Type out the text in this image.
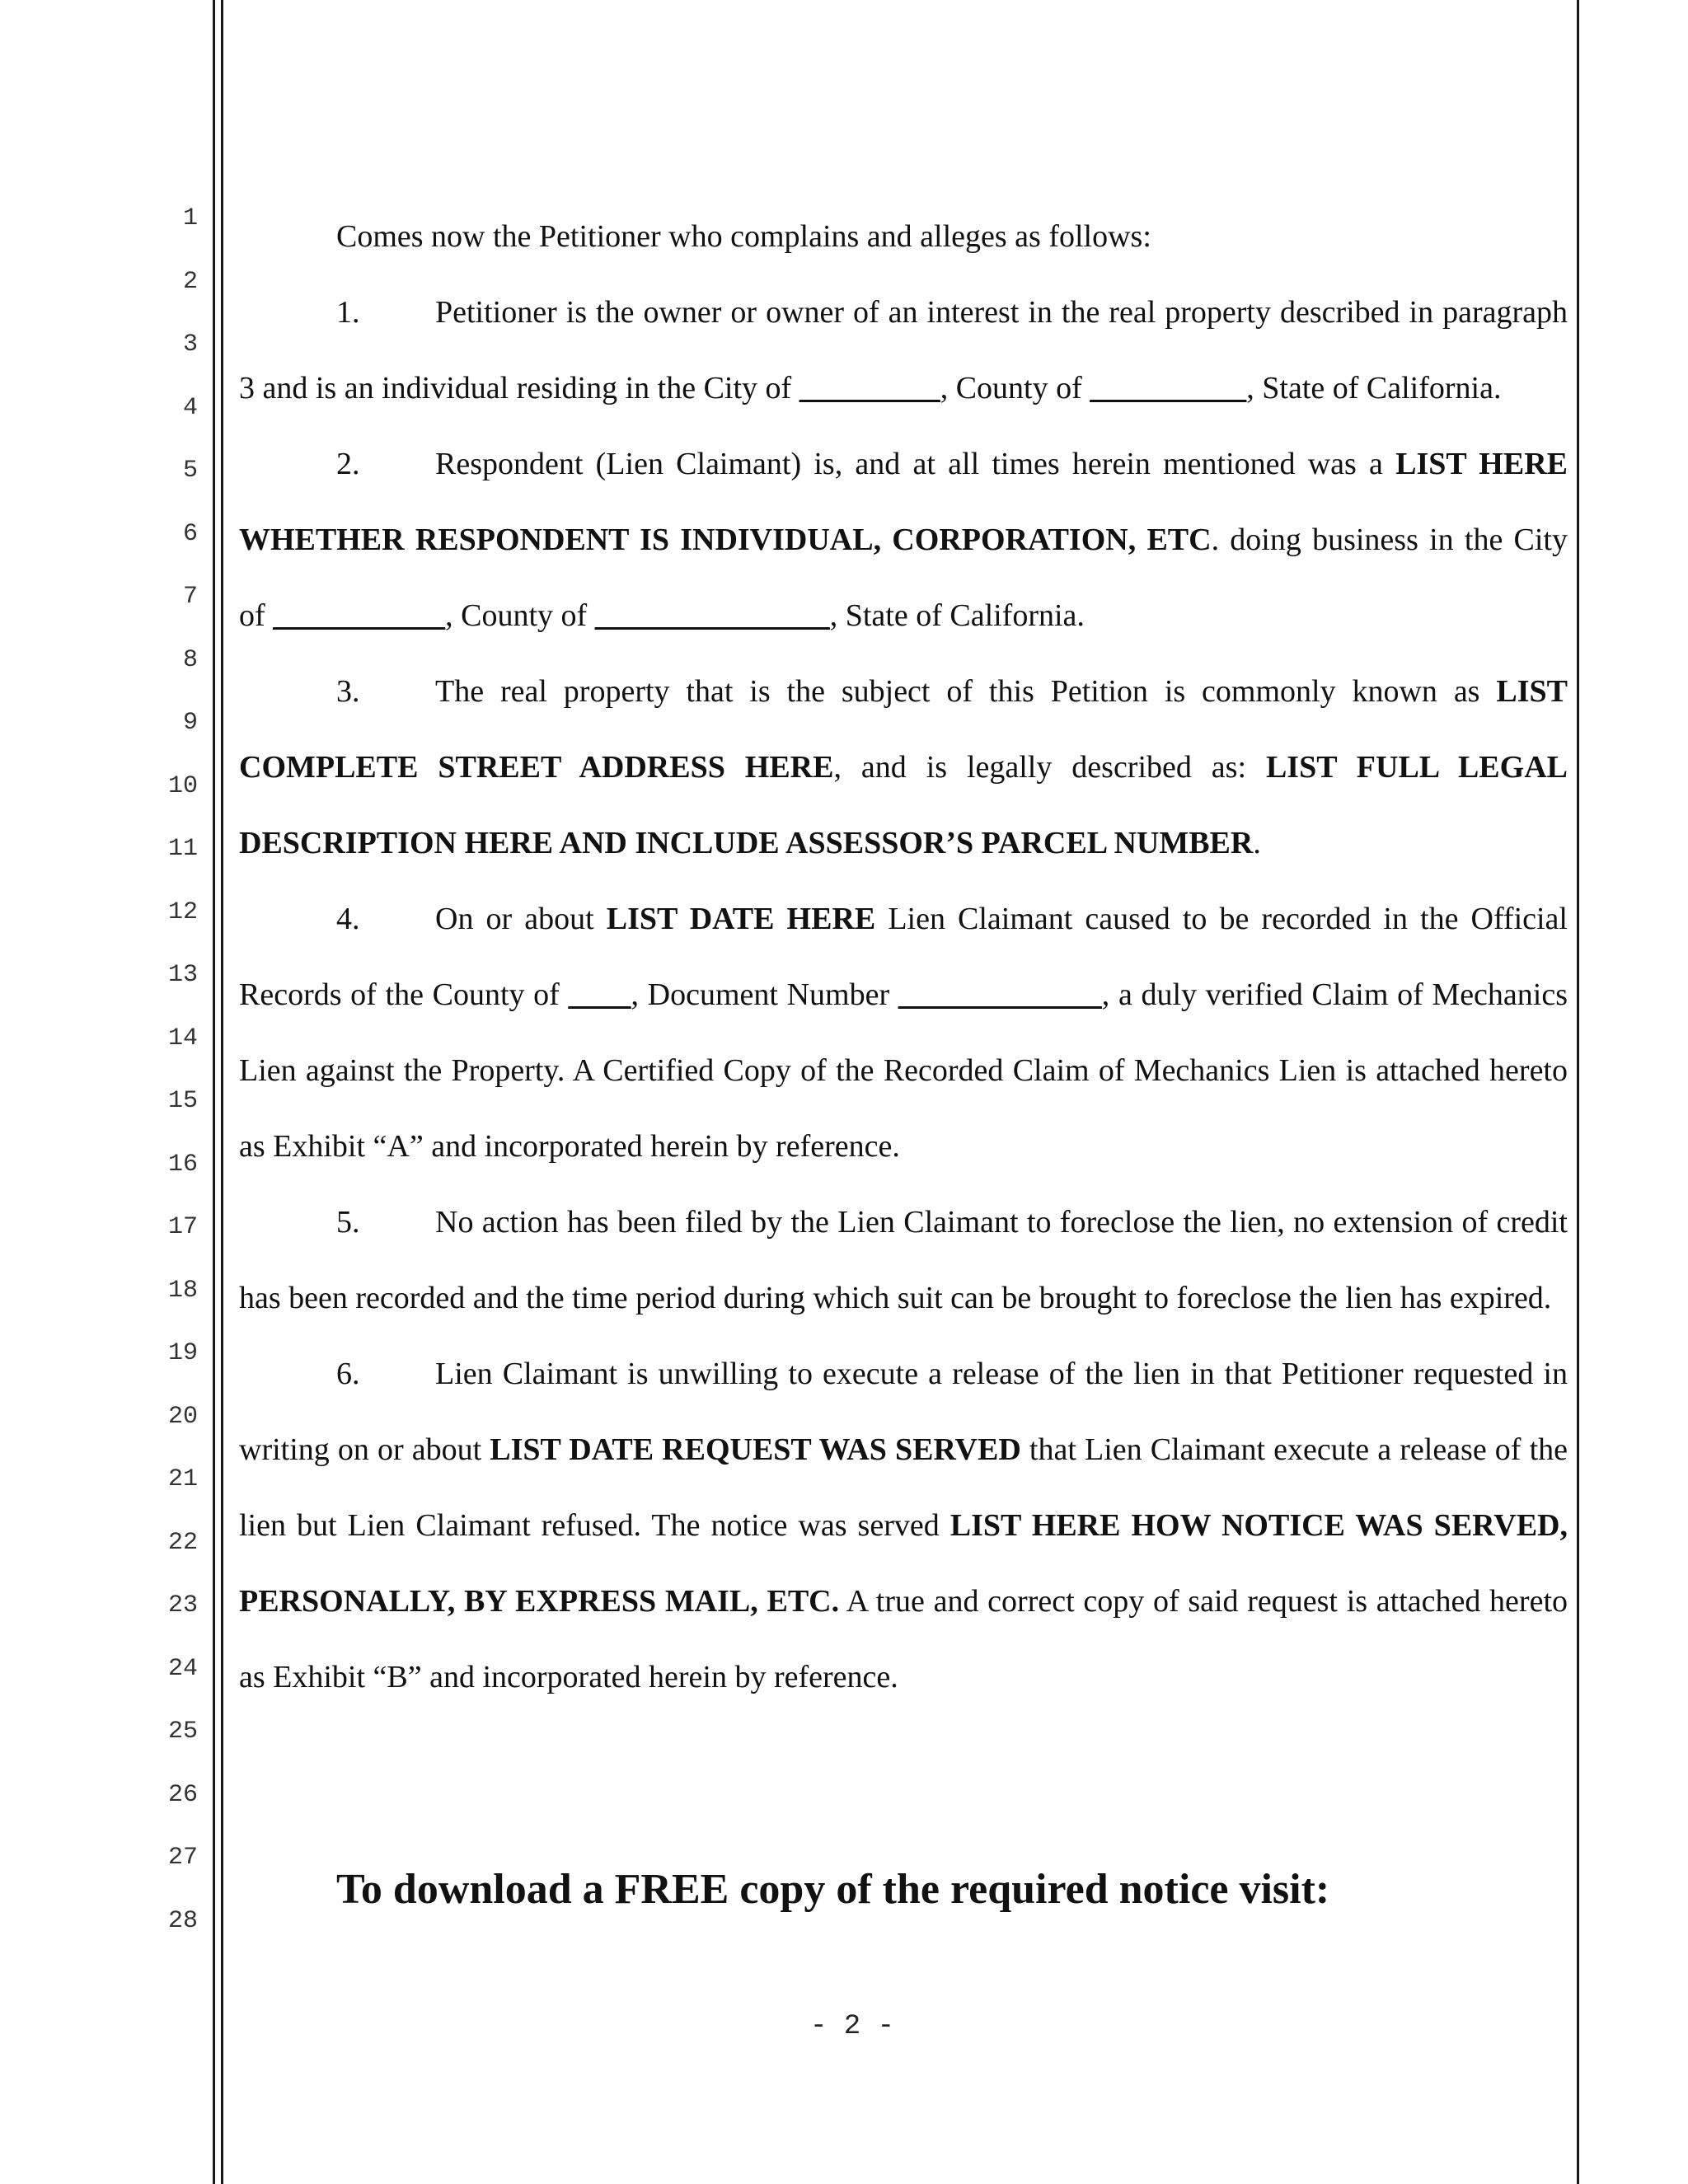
1
2
3
4
5
6
7
8
9
10
11
12
13
14
15
16
17
18
19
20
21
22
23
24
25
26
27
28

Comes now the Petitioner who complains and alleges as follows:

1. Petitioner is the owner or owner of an interest in the real property described in paragraph 3 and is an individual residing in the City of _________, County of __________, State of California.

2. Respondent (Lien Claimant) is, and at all times herein mentioned was a LIST HERE WHETHER RESPONDENT IS INDIVIDUAL, CORPORATION, ETC. doing business in the City of ___________, County of _______________, State of California.

3. The real property that is the subject of this Petition is commonly known as LIST COMPLETE STREET ADDRESS HERE, and is legally described as: LIST FULL LEGAL DESCRIPTION HERE AND INCLUDE ASSESSOR’S PARCEL NUMBER.

4. On or about LIST DATE HERE Lien Claimant caused to be recorded in the Official Records of the County of ____, Document Number _____________, a duly verified Claim of Mechanics Lien against the Property. A Certified Copy of the Recorded Claim of Mechanics Lien is attached hereto as Exhibit “A” and incorporated herein by reference.

5. No action has been filed by the Lien Claimant to foreclose the lien, no extension of credit has been recorded and the time period during which suit can be brought to foreclose the lien has expired.

6. Lien Claimant is unwilling to execute a release of the lien in that Petitioner requested in writing on or about LIST DATE REQUEST WAS SERVED that Lien Claimant execute a release of the lien but Lien Claimant refused. The notice was served LIST HERE HOW NOTICE WAS SERVED, PERSONALLY, BY EXPRESS MAIL, ETC. A true and correct copy of said request is attached hereto as Exhibit “B” and incorporated herein by reference.

To download a FREE copy of the required notice visit:
- 2 -
